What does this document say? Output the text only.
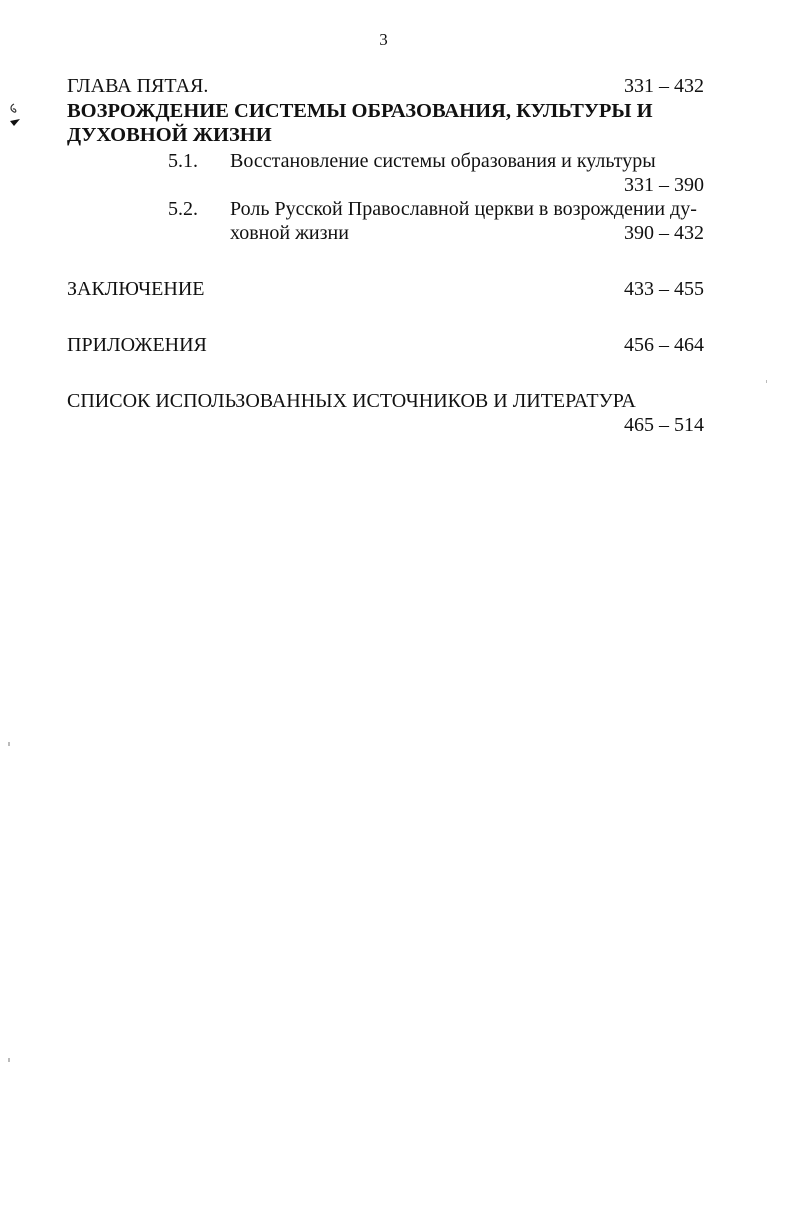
3
ГЛАВА ПЯТАЯ.	331 – 432
ВОЗРОЖДЕНИЕ СИСТЕМЫ ОБРАЗОВАНИЯ, КУЛЬТУРЫ И
ДУХОВНОЙ ЖИЗНИ
5.1.	Восстановление системы образования и культуры
331 – 390
5.2.	Роль Русской Православной церкви в возрождении ду-
ховной жизни	390 – 432
ЗАКЛЮЧЕНИЕ	433 – 455
ПРИЛОЖЕНИЯ	456 – 464
СПИСОК ИСПОЛЬЗОВАННЫХ ИСТОЧНИКОВ И ЛИТЕРАТУРА
465 – 514
